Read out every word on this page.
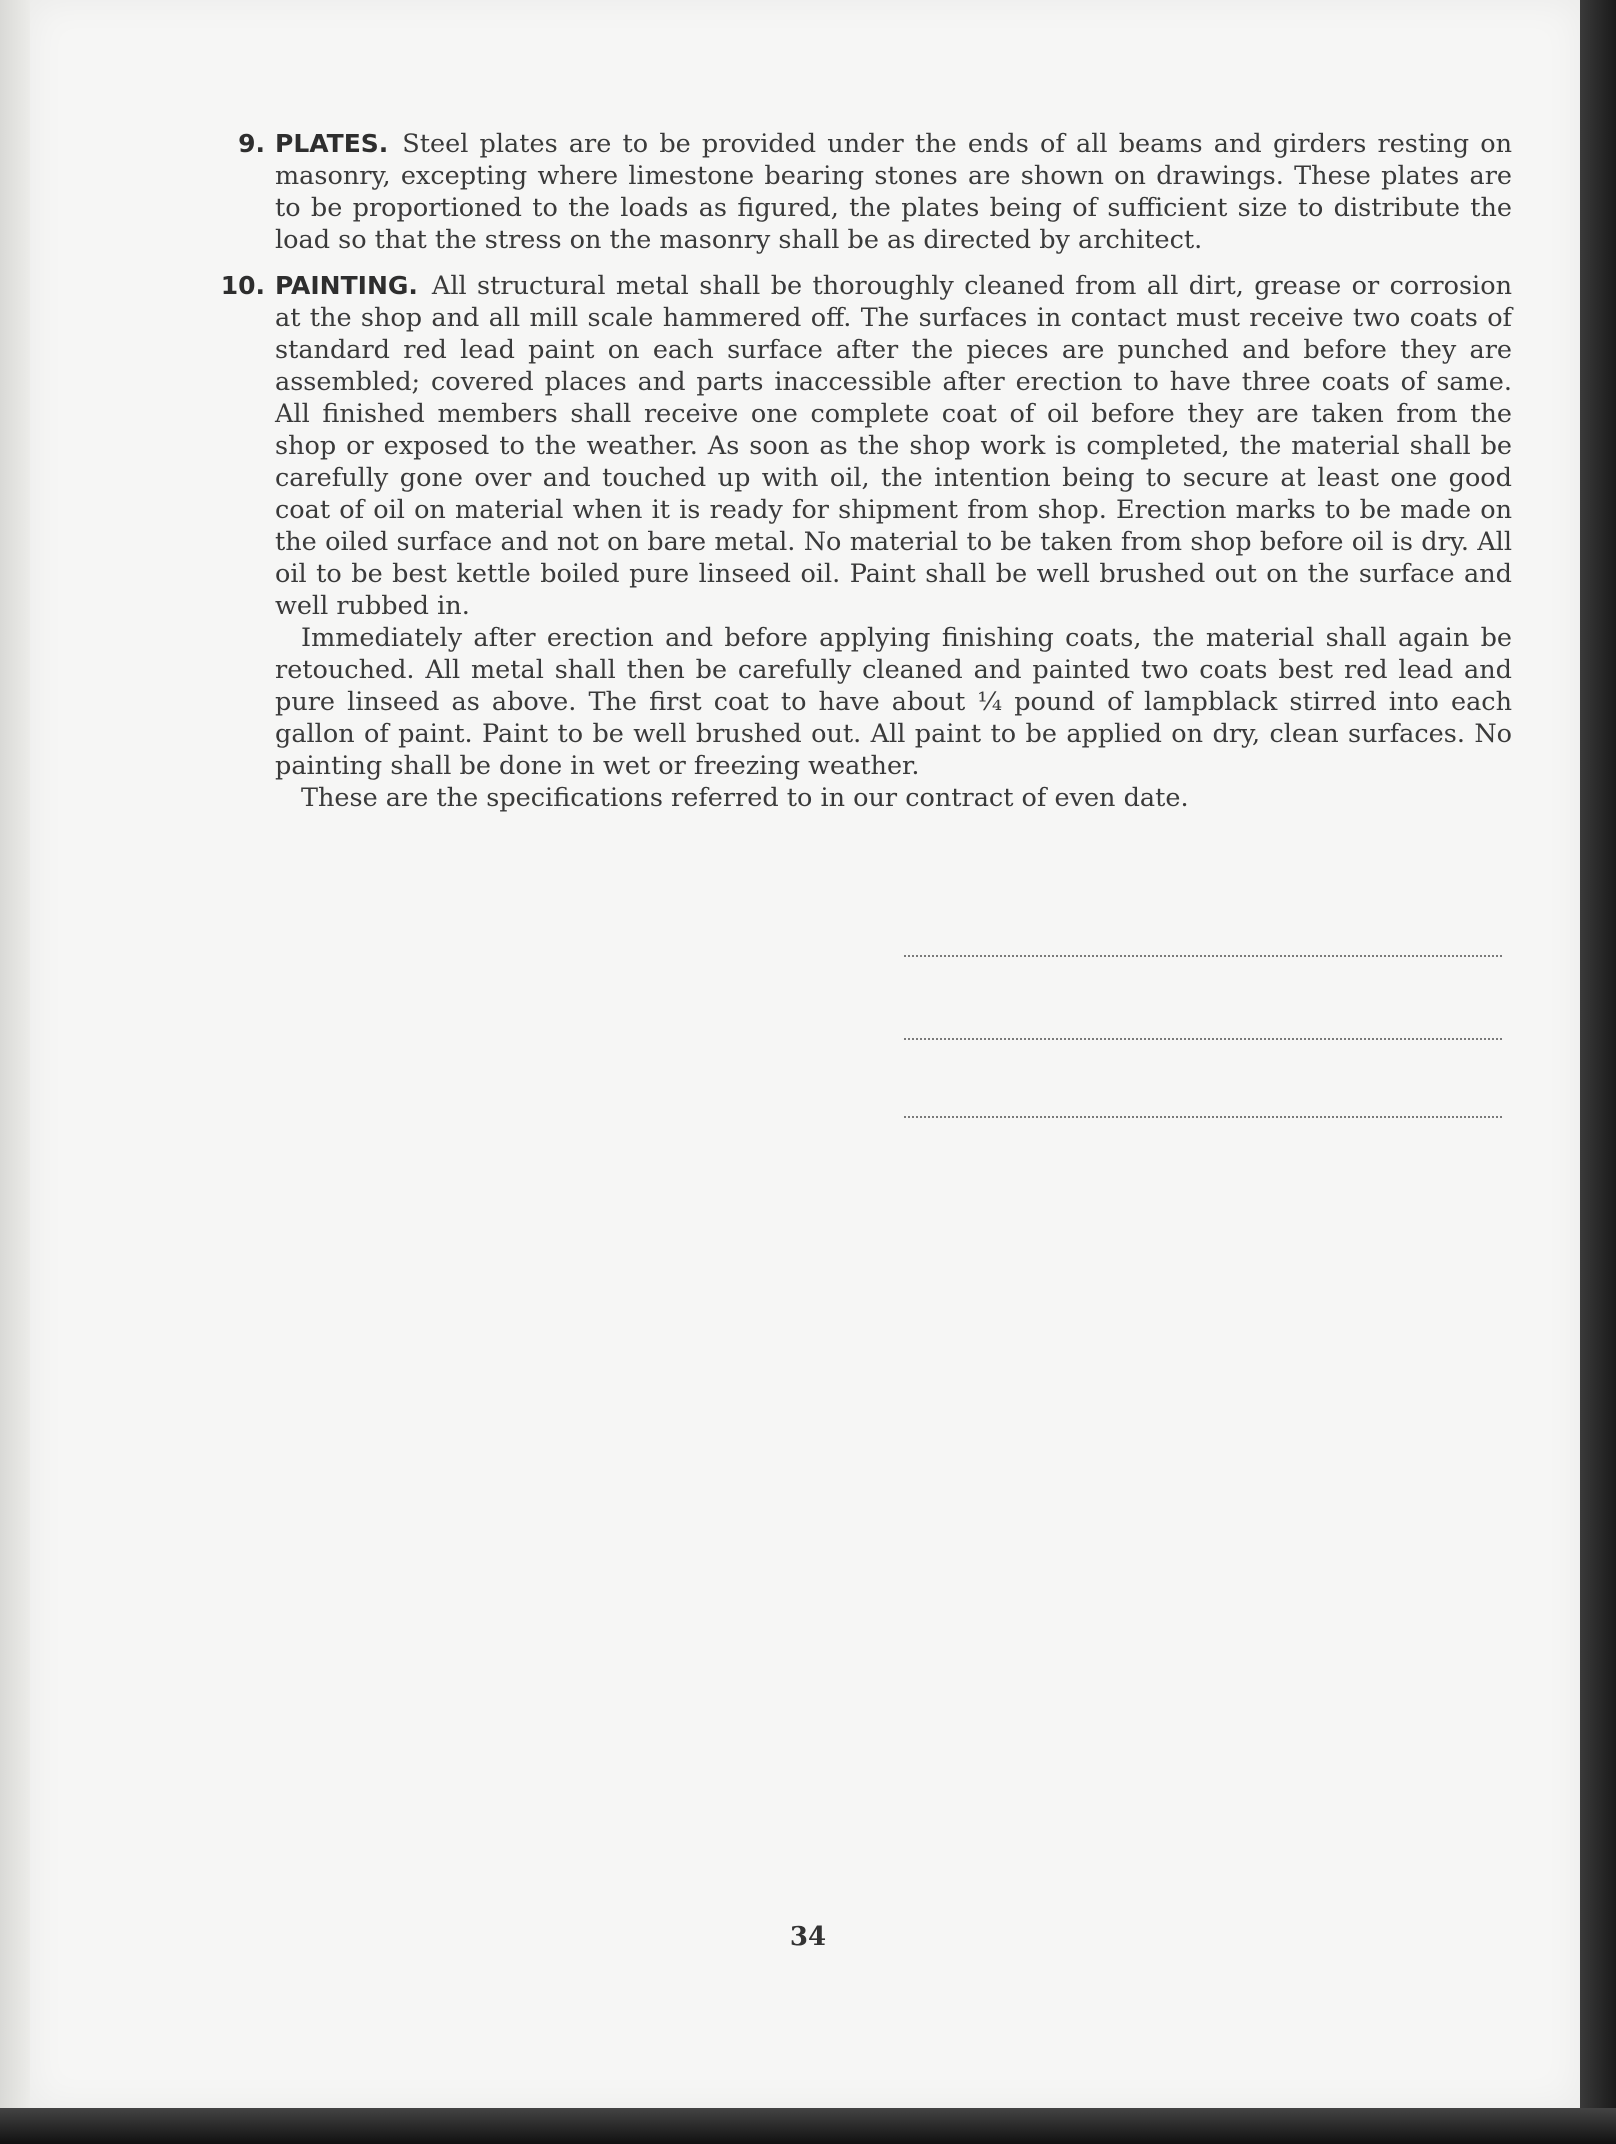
9. PLATES. Steel plates are to be provided under the ends of all beams and girders resting on masonry, excepting where limestone bearing stones are shown on drawings. These plates are to be proportioned to the loads as figured, the plates being of sufficient size to distribute the load so that the stress on the masonry shall be as directed by architect.

10. PAINTING. All structural metal shall be thoroughly cleaned from all dirt, grease or corrosion at the shop and all mill scale hammered off. The surfaces in contact must receive two coats of standard red lead paint on each surface after the pieces are punched and before they are assembled; covered places and parts inaccessible after erection to have three coats of same. All finished members shall receive one complete coat of oil before they are taken from the shop or exposed to the weather. As soon as the shop work is completed, the material shall be carefully gone over and touched up with oil, the intention being to secure at least one good coat of oil on material when it is ready for shipment from shop. Erection marks to be made on the oiled surface and not on bare metal. No material to be taken from shop before oil is dry. All oil to be best kettle boiled pure linseed oil. Paint shall be well brushed out on the surface and well rubbed in.

Immediately after erection and before applying finishing coats, the material shall again be retouched. All metal shall then be carefully cleaned and painted two coats best red lead and pure linseed as above. The first coat to have about ¼ pound of lampblack stirred into each gallon of paint. Paint to be well brushed out. All paint to be applied on dry, clean surfaces. No painting shall be done in wet or freezing weather.

These are the specifications referred to in our contract of even date.

34
